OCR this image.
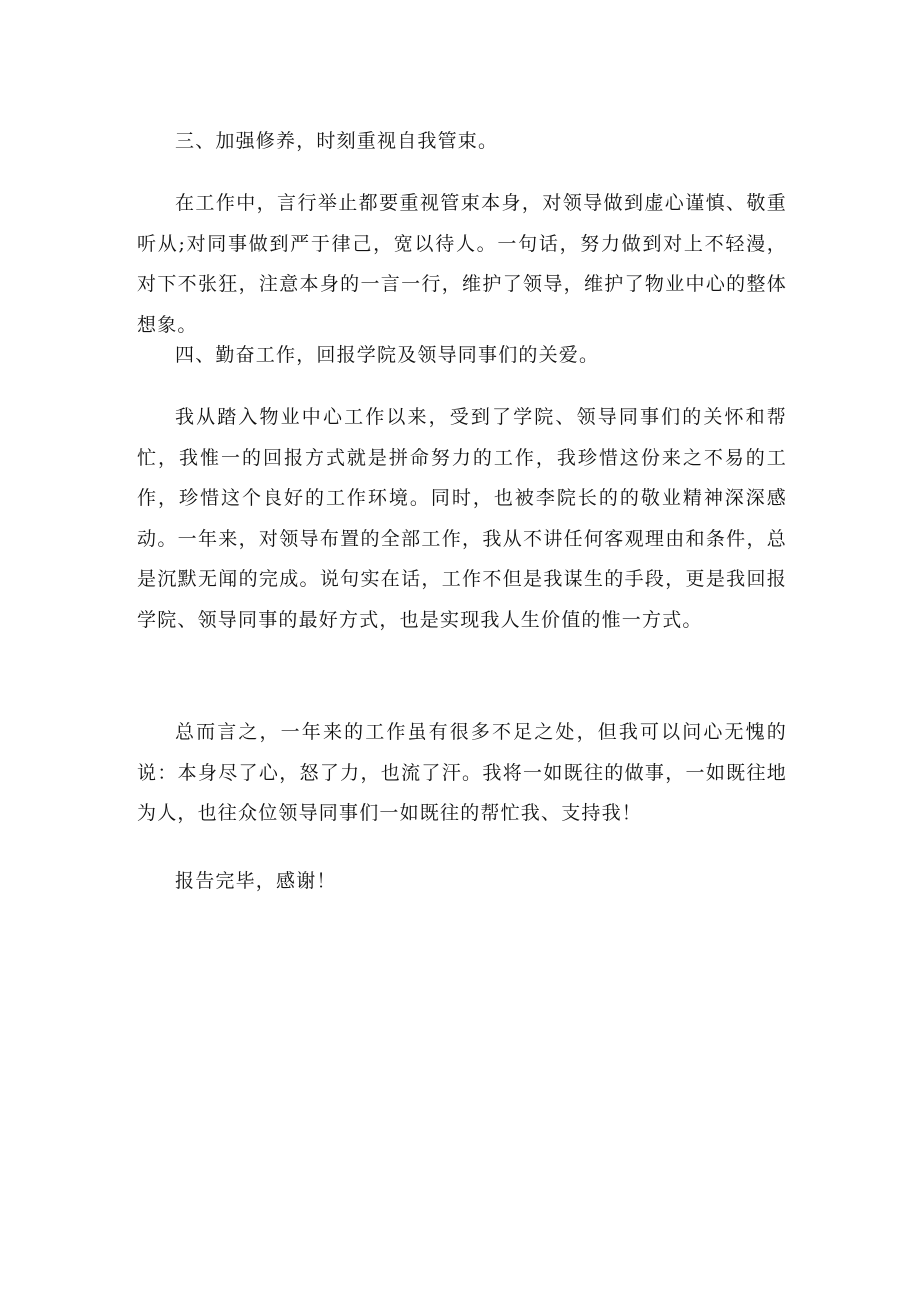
三、加强修养，时刻重视自我管束。

在工作中，言行举止都要重视管束本身，对领导做到虚心谨慎、敬重听从;对同事做到严于律己，宽以待人。一句话，努力做到对上不轻漫，对下不张狂，注意本身的一言一行，维护了领导，维护了物业中心的整体想象。

四、勤奋工作，回报学院及领导同事们的关爱。

我从踏入物业中心工作以来，受到了学院、领导同事们的关怀和帮忙，我惟一的回报方式就是拼命努力的工作，我珍惜这份来之不易的工作，珍惜这个良好的工作环境。同时，也被李院长的的敬业精神深深感动。一年来，对领导布置的全部工作，我从不讲任何客观理由和条件，总是沉默无闻的完成。说句实在话，工作不但是我谋生的手段，更是我回报学院、领导同事的最好方式，也是实现我人生价值的惟一方式。

总而言之，一年来的工作虽有很多不足之处，但我可以问心无愧的说：本身尽了心，怒了力，也流了汗。我将一如既往的做事，一如既往地为人，也往众位领导同事们一如既往的帮忙我、支持我！

报告完毕，感谢！
